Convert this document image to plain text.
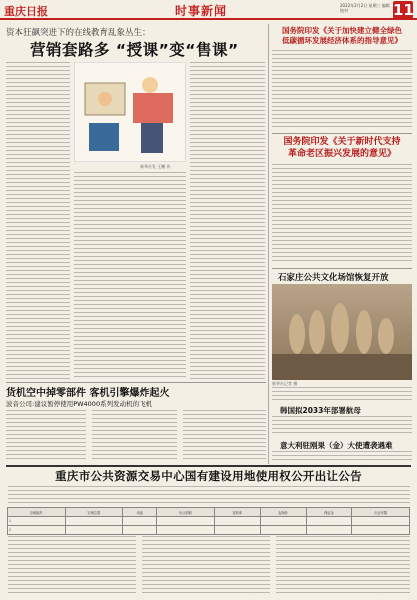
重庆日报	时事新闻	2022年2月2日 星期三 编辑 校对	11
资本狂飙突进下的在线教育乱象丛生：
营销套路多 “授课”变“售课”
新华社发 王鹏 作
国务院印发《关于加快建立健全绿色
低碳循环发展经济体系的指导意见》
国务院印发《关于新时代支持
革命老区振兴发展的意见》
石家庄公共文化场馆恢复开放
新华社记者 摄
韩国拟2033年部署航母
意大利驻刚果（金）大使遭袭遇难
货机空中掉零部件 客机引擎爆炸起火
波音公司:建议暂停使用PW4000系列发动机的飞机
重庆市公共资源交易中心国有建设用地使用权公开出让公告
宗地编号	宗地位置	用途	出让面积	容积率	起始价	保证金	出让年限
1							
2							
